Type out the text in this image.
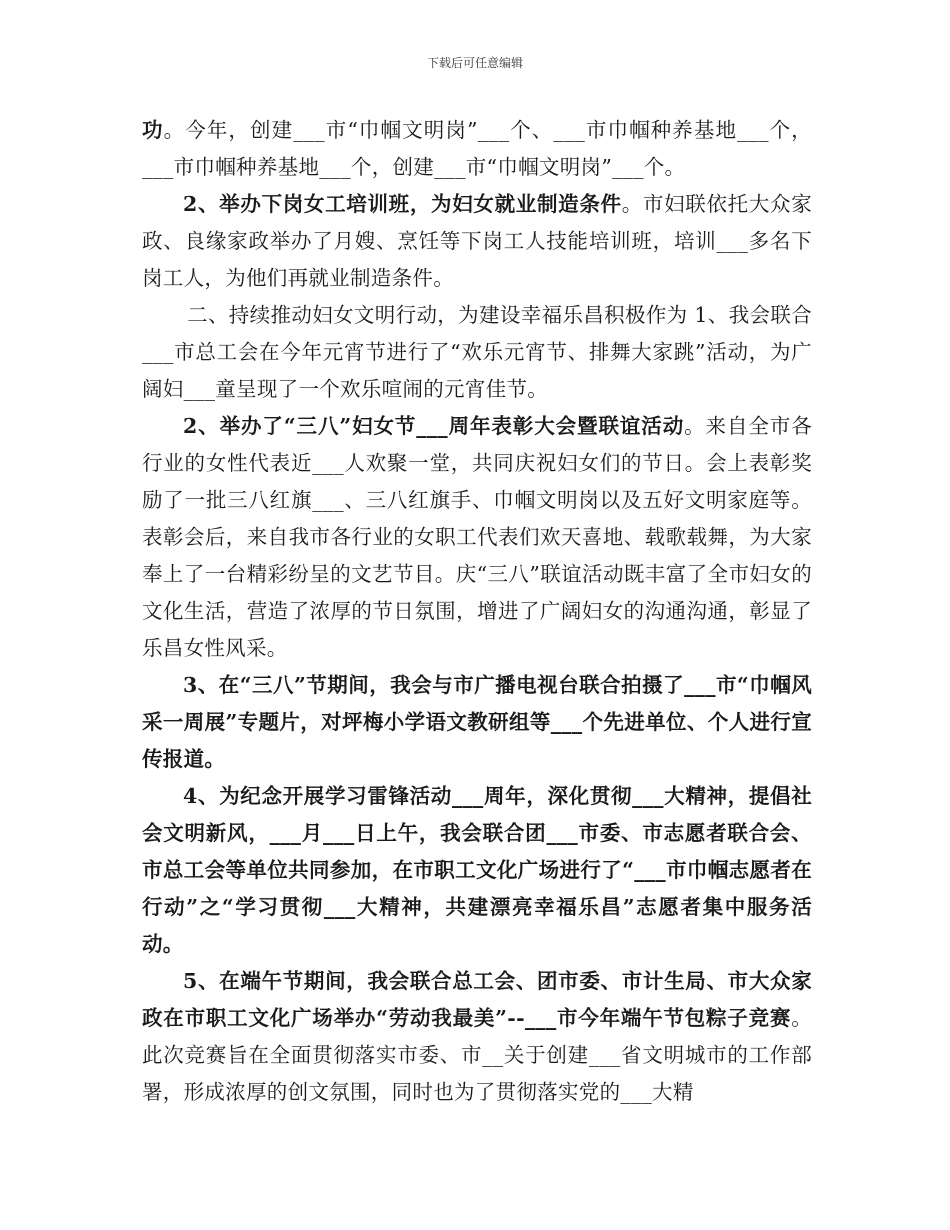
下载后可任意编辑

功。今年，创建___市“巾帼文明岗”___个、___市巾帼种养基地___个，___市巾帼种养基地___个，创建___市“巾帼文明岗”___个。

2、举办下岗女工培训班，为妇女就业制造条件。市妇联依托大众家政、良缘家政举办了月嫂、烹饪等下岗工人技能培训班，培训___多名下岗工人，为他们再就业制造条件。

二、持续推动妇女文明行动，为建设幸福乐昌积极作为 1、我会联合___市总工会在今年元宵节进行了“欢乐元宵节、排舞大家跳”活动，为广阔妇___童呈现了一个欢乐喧闹的元宵佳节。

2、举办了“三八”妇女节___周年表彰大会暨联谊活动。来自全市各行业的女性代表近___人欢聚一堂，共同庆祝妇女们的节日。会上表彰奖励了一批三八红旗___、三八红旗手、巾帼文明岗以及五好文明家庭等。表彰会后，来自我市各行业的女职工代表们欢天喜地、载歌载舞，为大家奉上了一台精彩纷呈的文艺节目。庆“三八”联谊活动既丰富了全市妇女的文化生活，营造了浓厚的节日氛围，增进了广阔妇女的沟通沟通，彰显了乐昌女性风采。

3、在“三八”节期间，我会与市广播电视台联合拍摄了___市“巾帼风采一周展”专题片，对坪梅小学语文教研组等___个先进单位、个人进行宣传报道。

4、为纪念开展学习雷锋活动___周年，深化贯彻___大精神，提倡社会文明新风，___月___日上午，我会联合团___市委、市志愿者联合会、市总工会等单位共同参加，在市职工文化广场进行了“___市巾帼志愿者在行动”之“学习贯彻___大精神，共建漂亮幸福乐昌”志愿者集中服务活动。

5、在端午节期间，我会联合总工会、团市委、市计生局、市大众家政在市职工文化广场举办“劳动我最美”--___市今年端午节包粽子竞赛。此次竞赛旨在全面贯彻落实市委、市__关于创建___省文明城市的工作部署，形成浓厚的创文氛围，同时也为了贯彻落实党的___大精
